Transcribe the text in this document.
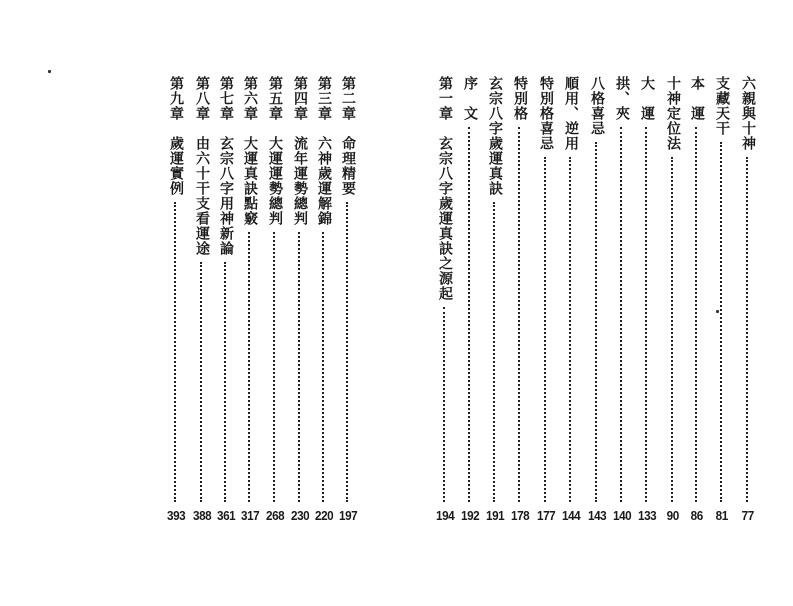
第二章　命理精要
197
第三章　六神歲運解錦
220
第四章　流年運勢總判
230
第五章　大運運勢總判
268
第六章　大運真訣點竅
317
第七章　玄宗八字用神新論
361
第八章　由六十干支看運途
388
第九章　歲運實例
393
六親與十神
77
支藏天干
81
本　運
86
十神定位法
90
大　運
133
拱、夾
140
八格喜忌
143
順用、逆用
144
特別格喜忌
177
特別格
178
玄宗八字歲運真訣
191
序　文
192
第一章　玄宗八字歲運真訣之源起
194
